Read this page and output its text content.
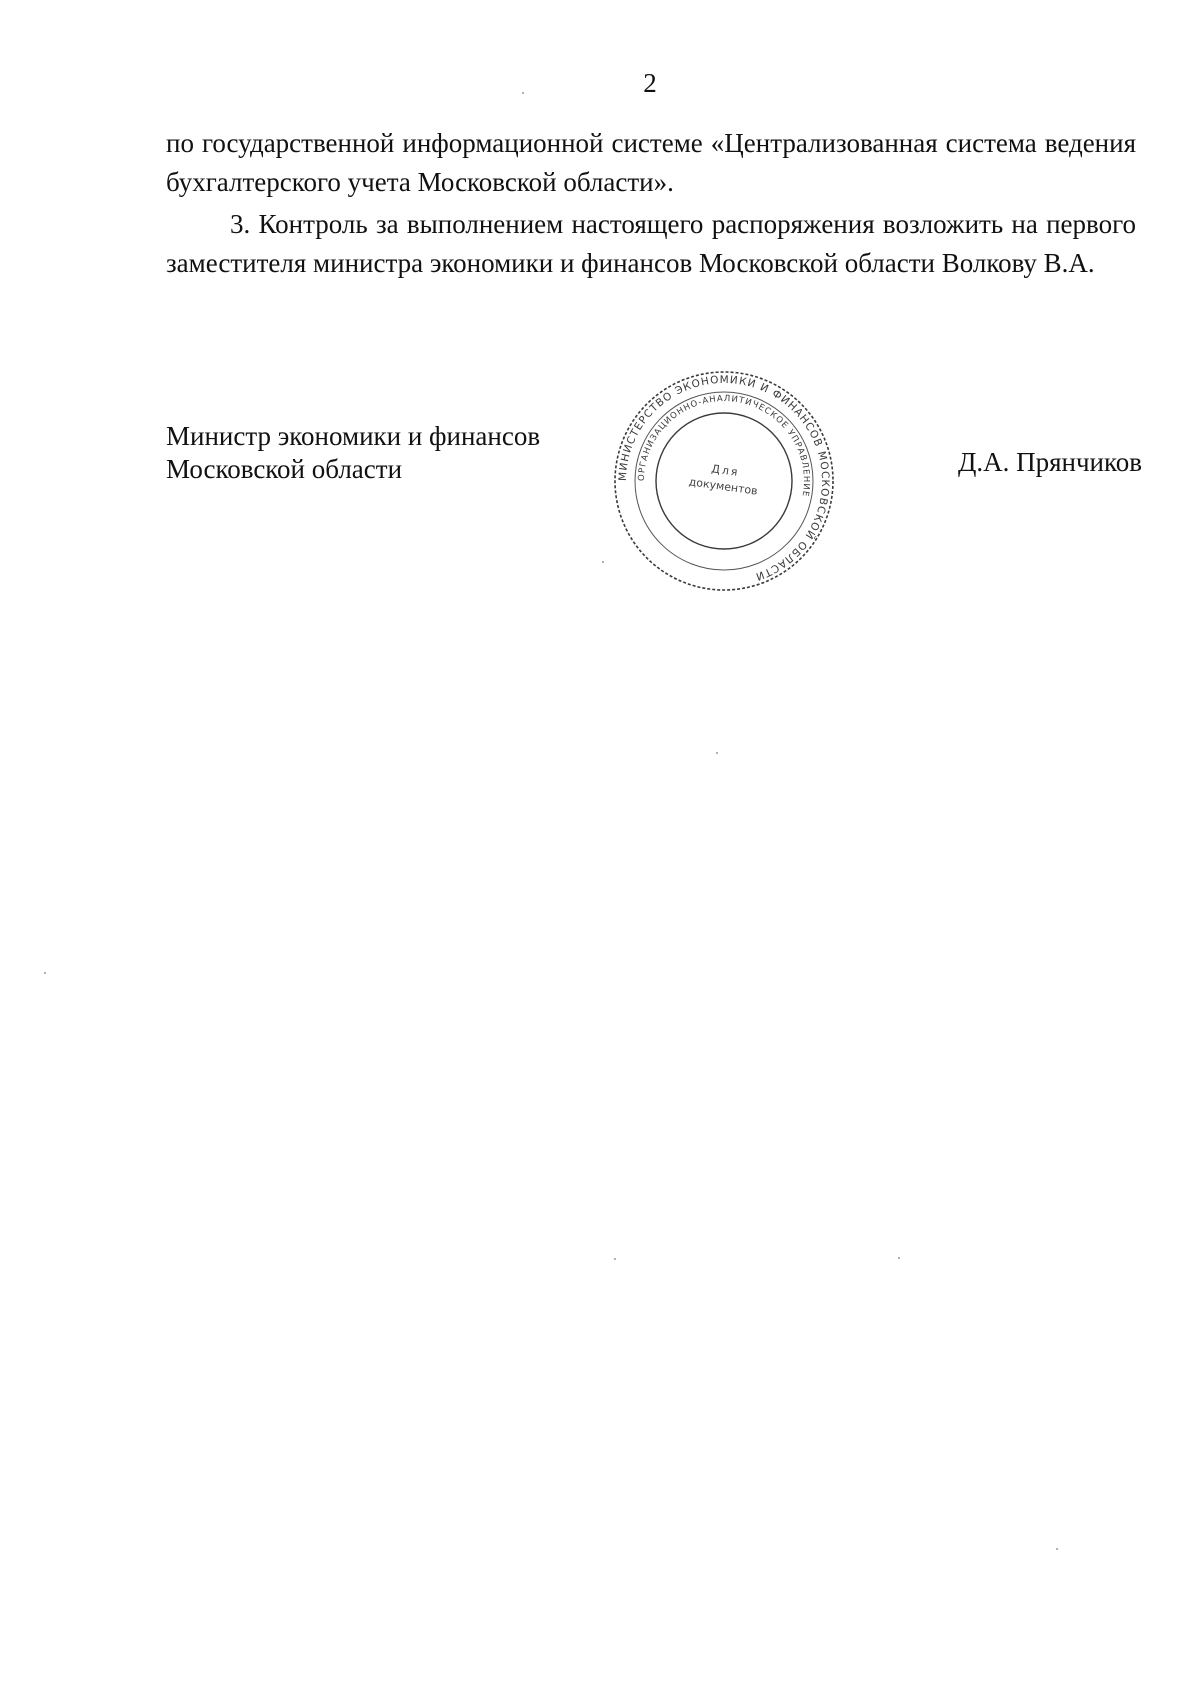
2

по государственной информационной системе «Централизованная система ведения бухгалтерского учета Московской области».

3. Контроль за выполнением настоящего распоряжения возложить на первого заместителя министра экономики и финансов Московской области Волкову В.А.

Министр экономики и финансов
Московской области	Д.А. Прянчиков
МИНИСТЕРСТВО ЭКОНОМИКИ И ФИНАНСОВ МОСКОВСКОЙ ОБЛАСТИ
ОРГАНИЗАЦИОННО-АНАЛИТИЧЕСКОЕ УПРАВЛЕНИЕ
Для
документов
